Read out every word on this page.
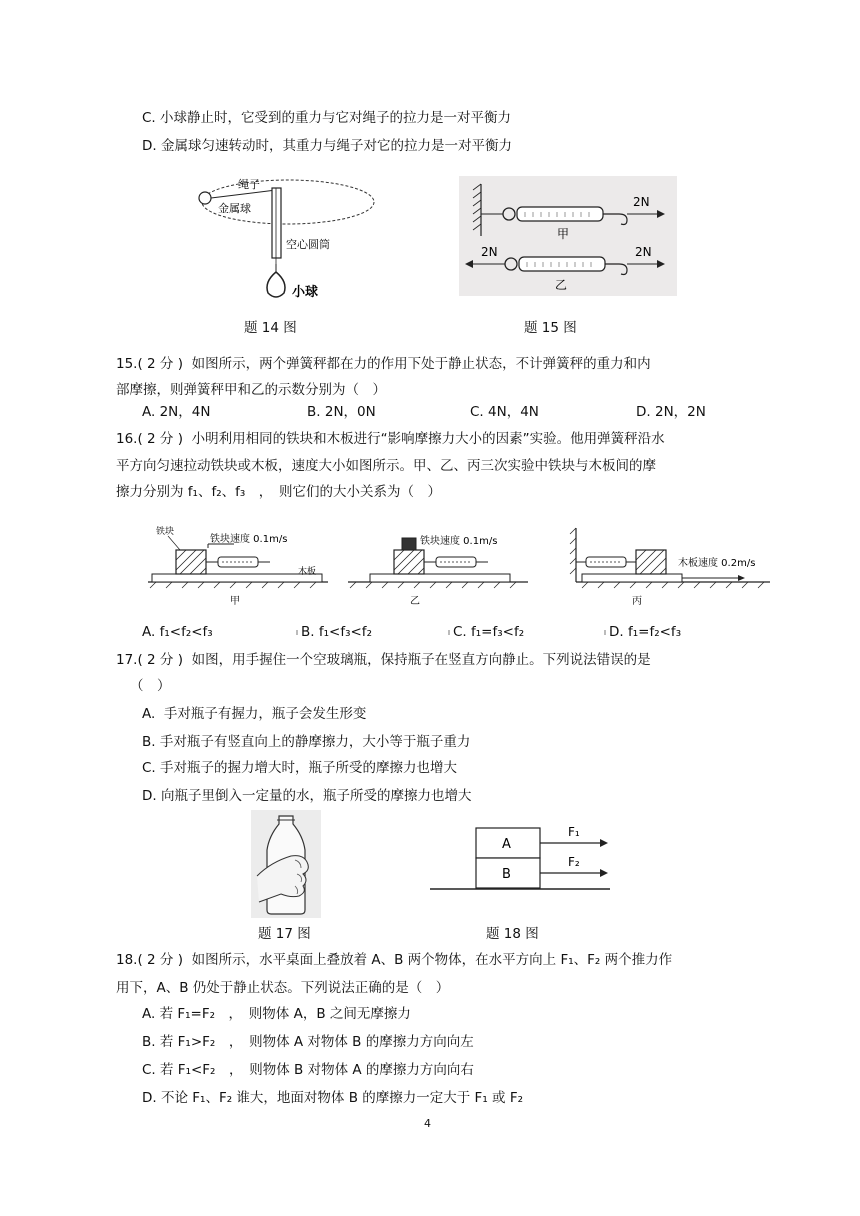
C. 小球静止时，它受到的重力与它对绳子的拉力是一对平衡力
D. 金属球匀速转动时，其重力与绳子对它的拉力是一对平衡力
绳子
金属球
空心圆筒
小球
题 14 图
2N
甲
2N	2N
乙
题 15 图
15.( 2 分 ) 如图所示，两个弹簧秤都在力的作用下处于静止状态，不计弹簧秤的重力和内
部摩擦，则弹簧秤甲和乙的示数分别为（　）
A. 2N，4N	B. 2N，0N	C. 4N，4N	D. 2N，2N
16.( 2 分 ) 小明利用相同的铁块和木板进行“影响摩擦力大小的因素”实验。他用弹簧秤沿水
平方向匀速拉动铁块或木板，速度大小如图所示。甲、乙、丙三次实验中铁块与木板间的摩
擦力分别为 f₁、f₂、f₃　，　则它们的大小关系为（　）
铁块
铁块速度 0.1m/s
木板
甲
铁块速度 0.1m/s
乙
木板速度 0.2m/s
丙
A. f₁<f₂<f₃	B. f₁<f₃<f₂	C. f₁=f₃<f₂	D. f₁=f₂<f₃
17.( 2 分 ) 如图，用手握住一个空玻璃瓶，保持瓶子在竖直方向静止。下列说法错误的是
（　）
A. 手对瓶子有握力，瓶子会发生形变
B. 手对瓶子有竖直向上的静摩擦力，大小等于瓶子重力
C. 手对瓶子的握力增大时，瓶子所受的摩擦力也增大
D. 向瓶子里倒入一定量的水，瓶子所受的摩擦力也增大
题 17 图
A
B
F₁
F₂
题 18 图
18.( 2 分 ) 如图所示，水平桌面上叠放着 A、B 两个物体，在水平方向上 F₁、F₂ 两个推力作
用下，A、B 仍处于静止状态。下列说法正确的是（　）
A. 若 F₁=F₂　，　则物体 A，B 之间无摩擦力
B. 若 F₁>F₂　，　则物体 A 对物体 B 的摩擦力方向向左
C. 若 F₁<F₂　，　则物体 B 对物体 A 的摩擦力方向向右
D. 不论 F₁、F₂ 谁大，地面对物体 B 的摩擦力一定大于 F₁ 或 F₂
4
